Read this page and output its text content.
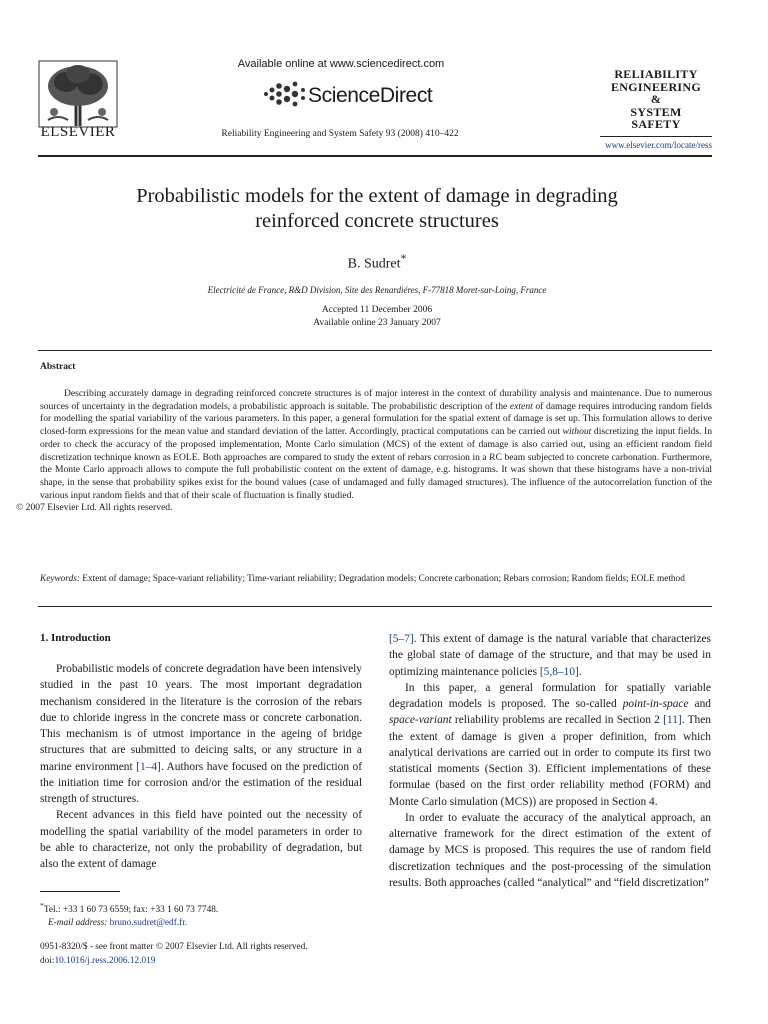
ELSEVIER
Available online at www.sciencedirect.com
ScienceDirect
Reliability Engineering and System Safety 93 (2008) 410–422
RELIABILITY
ENGINEERING
&
SYSTEM
SAFETY
www.elsevier.com/locate/ress
Probabilistic models for the extent of damage in degrading
reinforced concrete structures
B. Sudret*
Electricité de France, R&D Division, Site des Renardiéres, F-77818 Moret-sur-Loing, France
Accepted 11 December 2006
Available online 23 January 2007
Abstract
Describing accurately damage in degrading reinforced concrete structures is of major interest in the context of durability analysis and maintenance. Due to numerous sources of uncertainty in the degradation models, a probabilistic approach is suitable. The probabilistic description of the extent of damage requires introducing random fields for modelling the spatial variability of the various parameters. In this paper, a general formulation for the spatial extent of damage is set up. This formulation allows to derive closed-form expressions for the mean value and standard deviation of the latter. Accordingly, practical computations can be carried out without discretizing the input fields. In order to check the accuracy of the proposed implementation, Monte Carlo simulation (MCS) of the extent of damage is also carried out, using an efficient random field discretization technique known as EOLE. Both approaches are compared to study the extent of rebars corrosion in a RC beam subjected to concrete carbonation. Furthermore, the Monte Carlo approach allows to compute the full probabilistic content on the extent of damage, e.g. histograms. It was shown that these histograms have a non-trivial shape, in the sense that probability spikes exist for the bound values (case of undamaged and fully damaged structures). The influence of the autocorrelation function of the various input random fields and that of their scale of fluctuation is finally studied.
© 2007 Elsevier Ltd. All rights reserved.
Keywords: Extent of damage; Space-variant reliability; Time-variant reliability; Degradation models; Concrete carbonation; Rebars corrosion; Random fields; EOLE method
1. Introduction

Probabilistic models of concrete degradation have been intensively studied in the past 10 years. The most important degradation mechanism considered in the literature is the corrosion of the rebars due to chloride ingress in the concrete mass or concrete carbonation. This mechanism is of utmost importance in the ageing of bridge structures that are submitted to deicing salts, or any structure in a marine environment [1–4]. Authors have focused on the prediction of the initiation time for corrosion and/or the estimation of the residual strength of structures.

Recent advances in this field have pointed out the necessity of modelling the spatial variability of the model parameters in order to be able to characterize, not only the probability of degradation, but also the extent of damage

[5–7]. This extent of damage is the natural variable that characterizes the global state of damage of the structure, and that may be used in optimizing maintenance policies [5,8–10].

In this paper, a general formulation for spatially variable degradation models is proposed. The so-called point-in-space and space-variant reliability problems are recalled in Section 2 [11]. Then the extent of damage is given a proper definition, from which analytical derivations are carried out in order to compute its first two statistical moments (Section 3). Efficient implementations of these formulae (based on the first order reliability method (FORM) and Monte Carlo simulation (MCS)) are proposed in Section 4.

In order to evaluate the accuracy of the analytical approach, an alternative framework for the direct estimation of the extent of damage by MCS is proposed. This requires the use of random field discretization techniques and the post-processing of the simulation results. Both approaches (called “analytical” and “field discretization”

*Tel.: +33 1 60 73 6559; fax: +33 1 60 73 7748.
E-mail address: bruno.sudret@edf.fr.
0951-8320/$ - see front matter © 2007 Elsevier Ltd. All rights reserved.
doi:10.1016/j.ress.2006.12.019
